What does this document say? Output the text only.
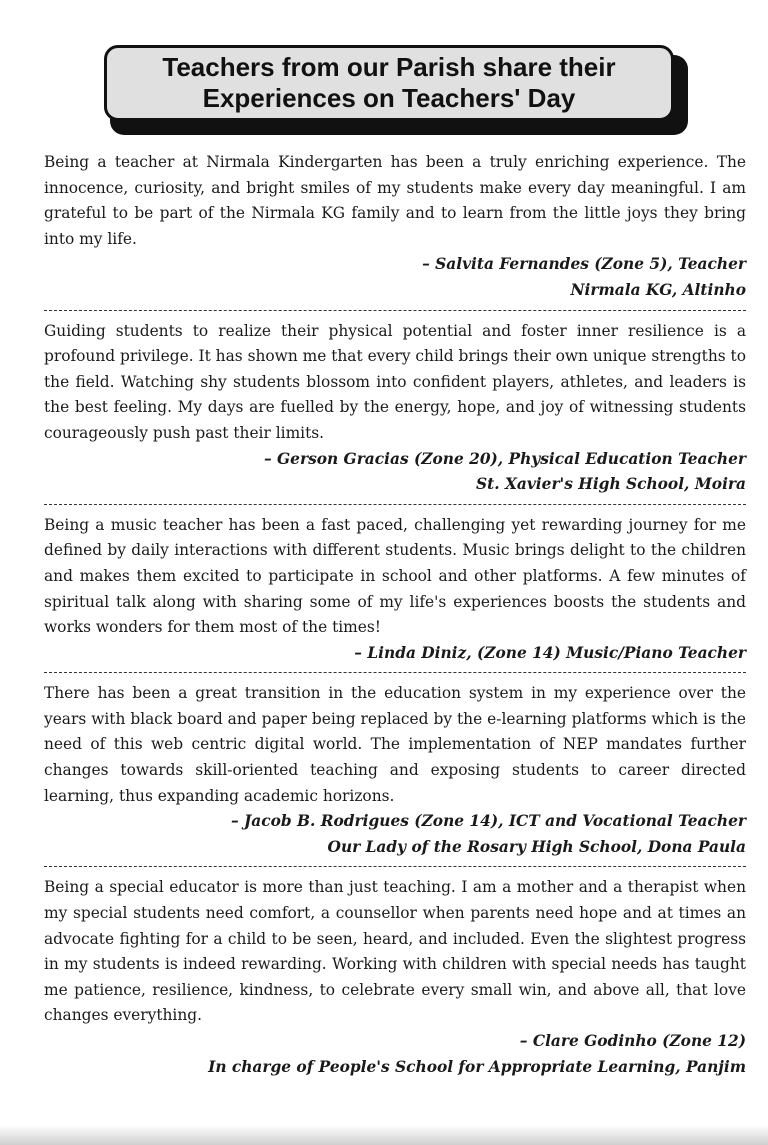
Teachers from our Parish share their
Experiences on Teachers' Day

Being a teacher at Nirmala Kindergarten has been a truly enriching experience. The innocence, curiosity, and bright smiles of my students make every day meaningful. I am grateful to be part of the Nirmala KG family and to learn from the little joys they bring into my life.

– Salvita Fernandes (Zone 5), Teacher
Nirmala KG, Altinho

Guiding students to realize their physical potential and foster inner resilience is a profound privilege. It has shown me that every child brings their own unique strengths to the field. Watching shy students blossom into confident players, athletes, and leaders is the best feeling. My days are fuelled by the energy, hope, and joy of witnessing students courageously push past their limits.

– Gerson Gracias (Zone 20), Physical Education Teacher
St. Xavier's High School, Moira

Being a music teacher has been a fast paced, challenging yet rewarding journey for me defined by daily interactions with different students. Music brings delight to the children and makes them excited to participate in school and other platforms. A few minutes of spiritual talk along with sharing some of my life's experiences boosts the students and works wonders for them most of the times!

– Linda Diniz, (Zone 14) Music/Piano Teacher

There has been a great transition in the education system in my experience over the years with black board and paper being replaced by the e-learning platforms which is the need of this web centric digital world. The implementation of NEP mandates further changes towards skill-oriented teaching and exposing students to career directed learning, thus expanding academic horizons.

– Jacob B. Rodrigues (Zone 14), ICT and Vocational Teacher
Our Lady of the Rosary High School, Dona Paula

Being a special educator is more than just teaching. I am a mother and a therapist when my special students need comfort, a counsellor when parents need hope and at times an advocate fighting for a child to be seen, heard, and included. Even the slightest progress in my students is indeed rewarding. Working with children with special needs has taught me patience, resilience, kindness, to celebrate every small win, and above all, that love changes everything.

– Clare Godinho (Zone 12)
In charge of People's School for Appropriate Learning, Panjim
